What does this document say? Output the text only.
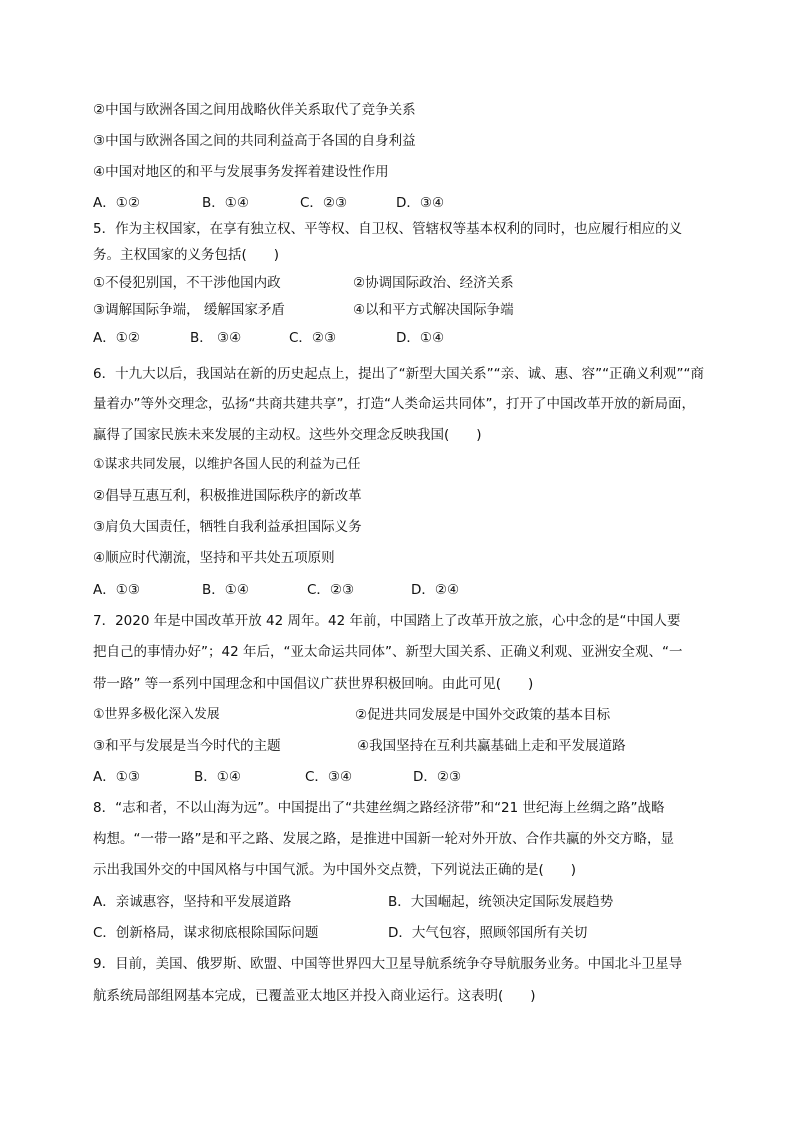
②中国与欧洲各国之间用战略伙伴关系取代了竞争关系
③中国与欧洲各国之间的共同利益高于各国的自身利益
④中国对地区的和平与发展事务发挥着建设性作用
A．①②	B．①④	C．②③	D．③④
5．作为主权国家，在享有独立权、平等权、自卫权、管辖权等基本权利的同时，也应履行相应的义
务。主权国家的义务包括(　　)
①不侵犯别国，不干涉他国内政	②协调国际政治、经济关系
③调解国际争端， 缓解国家矛盾	④以和平方式解决国际争端
A．①②	B． ③④	C．②③	D．①④
6．十九大以后，我国站在新的历史起点上，提出了“新型大国关系”“亲、诚、惠、容”“正确义利观”“商
量着办”等外交理念，弘扬“共商共建共享”，打造“人类命运共同体”，打开了中国改革开放的新局面，
赢得了国家民族未来发展的主动权。这些外交理念反映我国(　　)
①谋求共同发展，以维护各国人民的利益为己任
②倡导互惠互利，积极推进国际秩序的新改革
③肩负大国责任，牺牲自我利益承担国际义务
④顺应时代潮流，坚持和平共处五项原则
A．①③	B．①④	C．②③	D．②④
7．2020 年是中国改革开放 42 周年。42 年前，中国踏上了改革开放之旅，心中念的是“中国人要
把自己的事情办好”；42 年后，“亚太命运共同体”、新型大国关系、正确义利观、亚洲安全观、“一
带一路” 等一系列中国理念和中国倡议广获世界积极回响。由此可见(　　)
①世界多极化深入发展	②促进共同发展是中国外交政策的基本目标
③和平与发展是当今时代的主题	④我国坚持在互利共赢基础上走和平发展道路
A．①③	B．①④	C．③④	D．②③
8．“志和者，不以山海为远”。中国提出了“共建丝绸之路经济带”和“21 世纪海上丝绸之路”战略
构想。“一带一路”是和平之路、发展之路，是推进中国新一轮对外开放、合作共赢的外交方略，显
示出我国外交的中国风格与中国气派。为中国外交点赞，下列说法正确的是(　　)
A．亲诚惠容，坚持和平发展道路	B．大国崛起，统领决定国际发展趋势
C．创新格局，谋求彻底根除国际问题	D．大气包容，照顾邻国所有关切
9．目前，美国、俄罗斯、欧盟、中国等世界四大卫星导航系统争夺导航服务业务。中国北斗卫星导
航系统局部组网基本完成，已覆盖亚太地区并投入商业运行。这表明(　　)
